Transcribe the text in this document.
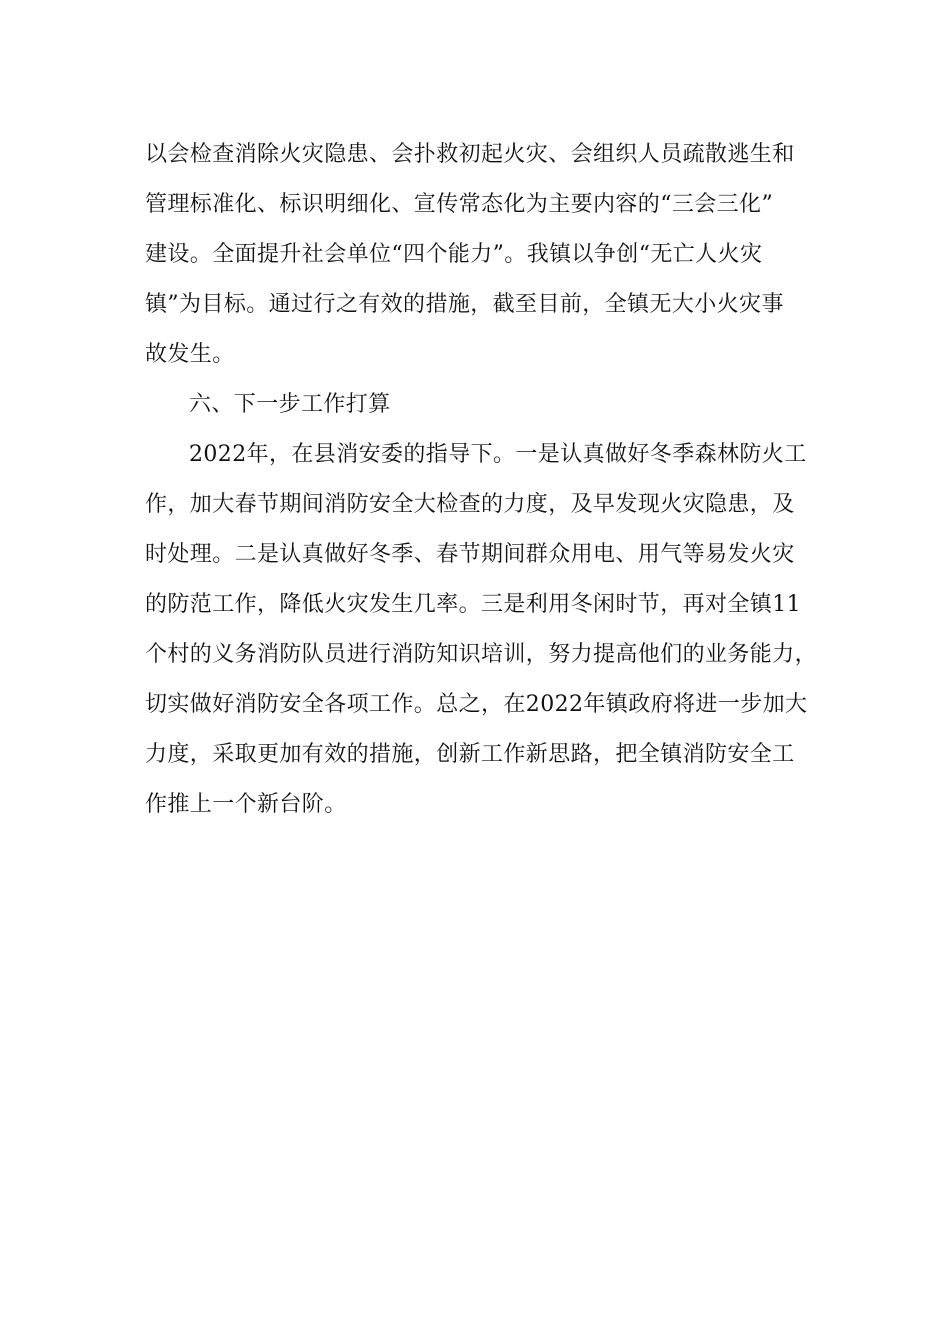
以会检查消除火灾隐患、会扑救初起火灾、会组织人员疏散逃生和
管理标准化、标识明细化、宣传常态化为主要内容的“三会三化”
建设。全面提升社会单位“四个能力”。我镇以争创“无亡人火灾
镇”为目标。通过行之有效的措施，截至目前，全镇无大小火灾事
故发生。
六、下一步工作打算
2022年，在县消安委的指导下。一是认真做好冬季森林防火工
作，加大春节期间消防安全大检查的力度，及早发现火灾隐患，及
时处理。二是认真做好冬季、春节期间群众用电、用气等易发火灾
的防范工作，降低火灾发生几率。三是利用冬闲时节，再对全镇11
个村的义务消防队员进行消防知识培训，努力提高他们的业务能力，
切实做好消防安全各项工作。总之，在2022年镇政府将进一步加大
力度，采取更加有效的措施，创新工作新思路，把全镇消防安全工
作推上一个新台阶。
